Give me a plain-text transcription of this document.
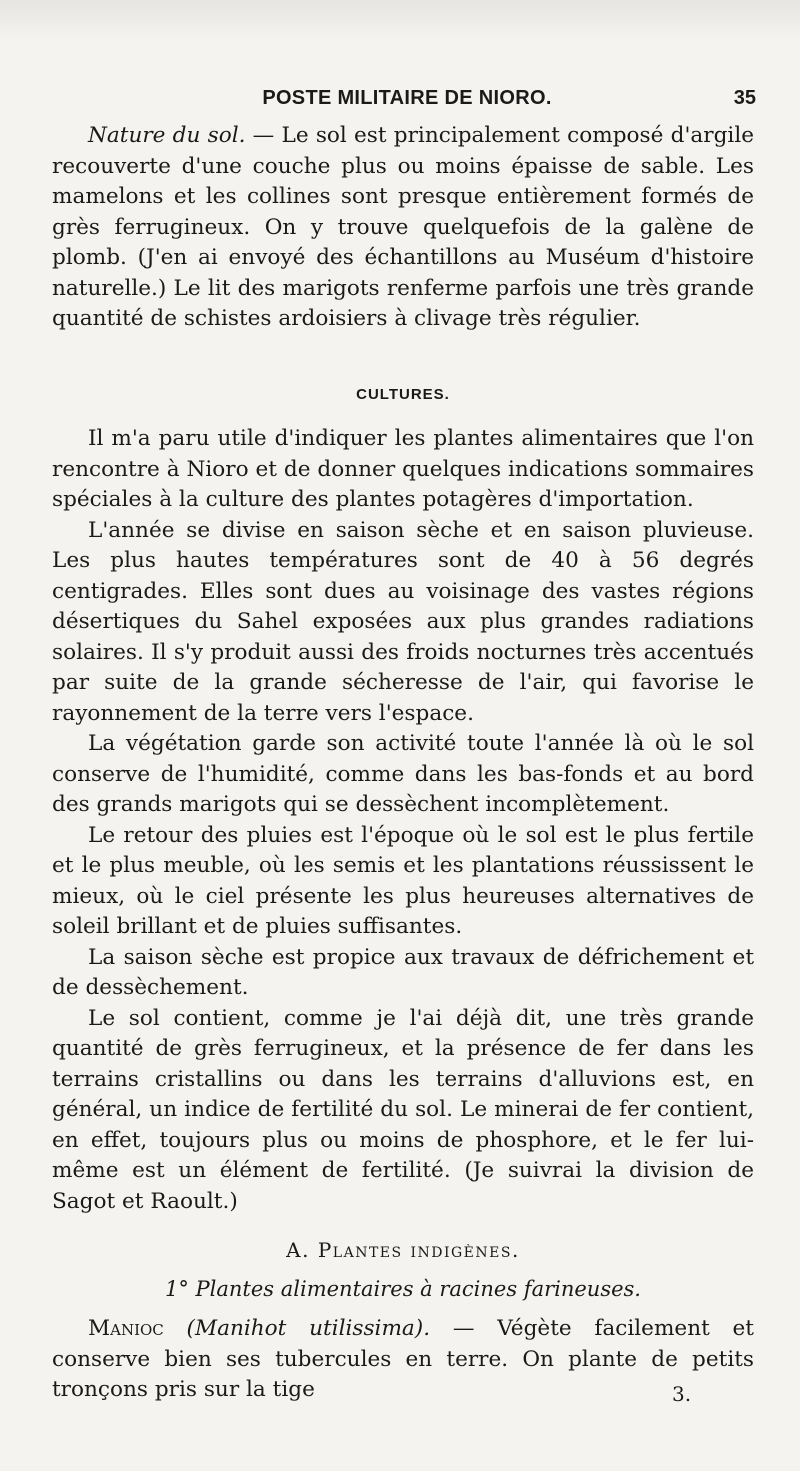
POSTE MILITAIRE DE NIORO.	35

Nature du sol. — Le sol est principalement composé d'argile recouverte d'une couche plus ou moins épaisse de sable. Les mamelons et les collines sont presque entièrement formés de grès ferrugineux. On y trouve quelquefois de la galène de plomb. (J'en ai envoyé des échantillons au Muséum d'histoire naturelle.) Le lit des marigots renferme parfois une très grande quantité de schistes ardoisiers à clivage très régulier.

CULTURES.

Il m'a paru utile d'indiquer les plantes alimentaires que l'on rencontre à Nioro et de donner quelques indications sommaires spéciales à la culture des plantes potagères d'importation.

L'année se divise en saison sèche et en saison pluvieuse. Les plus hautes températures sont de 40 à 56 degrés centigrades. Elles sont dues au voisinage des vastes régions désertiques du Sahel exposées aux plus grandes radiations solaires. Il s'y produit aussi des froids nocturnes très accentués par suite de la grande sécheresse de l'air, qui favorise le rayonnement de la terre vers l'espace.

La végétation garde son activité toute l'année là où le sol conserve de l'humidité, comme dans les bas-fonds et au bord des grands marigots qui se dessèchent incomplètement.

Le retour des pluies est l'époque où le sol est le plus fertile et le plus meuble, où les semis et les plantations réussissent le mieux, où le ciel présente les plus heureuses alternatives de soleil brillant et de pluies suffisantes.

La saison sèche est propice aux travaux de défrichement et de dessèchement.

Le sol contient, comme je l'ai déjà dit, une très grande quantité de grès ferrugineux, et la présence de fer dans les terrains cristallins ou dans les terrains d'alluvions est, en général, un indice de fertilité du sol. Le minerai de fer contient, en effet, toujours plus ou moins de phosphore, et le fer lui-même est un élément de fertilité. (Je suivrai la division de Sagot et Raoult.)

A. Plantes indigènes.
1° Plantes alimentaires à racines farineuses.

Manioc (Manihot utilissima). — Végète facilement et conserve bien ses tubercules en terre. On plante de petits tronçons pris sur la tige	3.
